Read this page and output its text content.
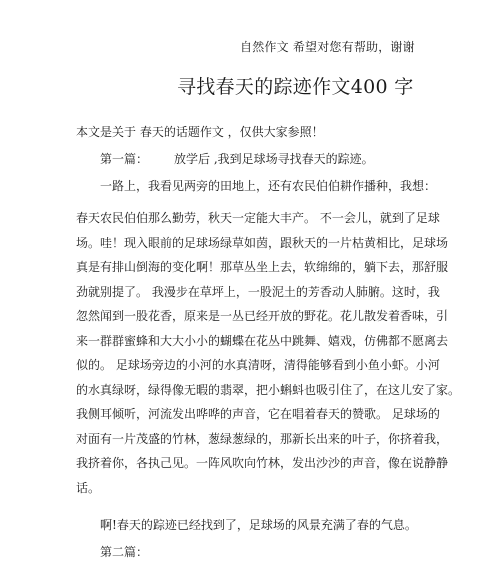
自然作文 希望对您有帮助，谢谢
寻找春天的踪迹作文400 字
本文是关于 春天的话题作文 ，仅供大家参照！
第一篇： 放学后 ,我到足球场寻找春天的踪迹。
一路上，我看见两旁的田地上，还有农民伯伯耕作播种，我想：
春天农民伯伯那么勤劳，秋天一定能大丰产。 不一会儿，就到了足球
场。哇！现入眼前的足球场绿草如茵，跟秋天的一片枯黄相比，足球场
真是有排山倒海的变化啊！那草丛坐上去，软绵绵的，躺下去，那舒服
劲就别提了。 我漫步在草坪上，一股泥土的芳香动人肺腑。这时，我
忽然闻到一股花香，原来是一丛已经开放的野花。花儿散发着香味，引
来一群群蜜蜂和大大小小的蝴蝶在花丛中跳舞、嬉戏，仿佛都不愿离去
似的。 足球场旁边的小河的水真清呀，清得能够看到小鱼小虾。小河
的水真绿呀，绿得像无暇的翡翠，把小蝌蚪也吸引住了，在这儿安了家。
我侧耳倾听，河流发出哗哗的声音，它在唱着春天的赞歌。 足球场的
对面有一片茂盛的竹林，葱绿葱绿的，那新长出来的叶子，你挤着我，
我挤着你，各执己见。一阵风吹向竹林，发出沙沙的声音，像在说静静
话。
啊!春天的踪迹已经找到了，足球场的风景充满了春的气息。
第二篇：
